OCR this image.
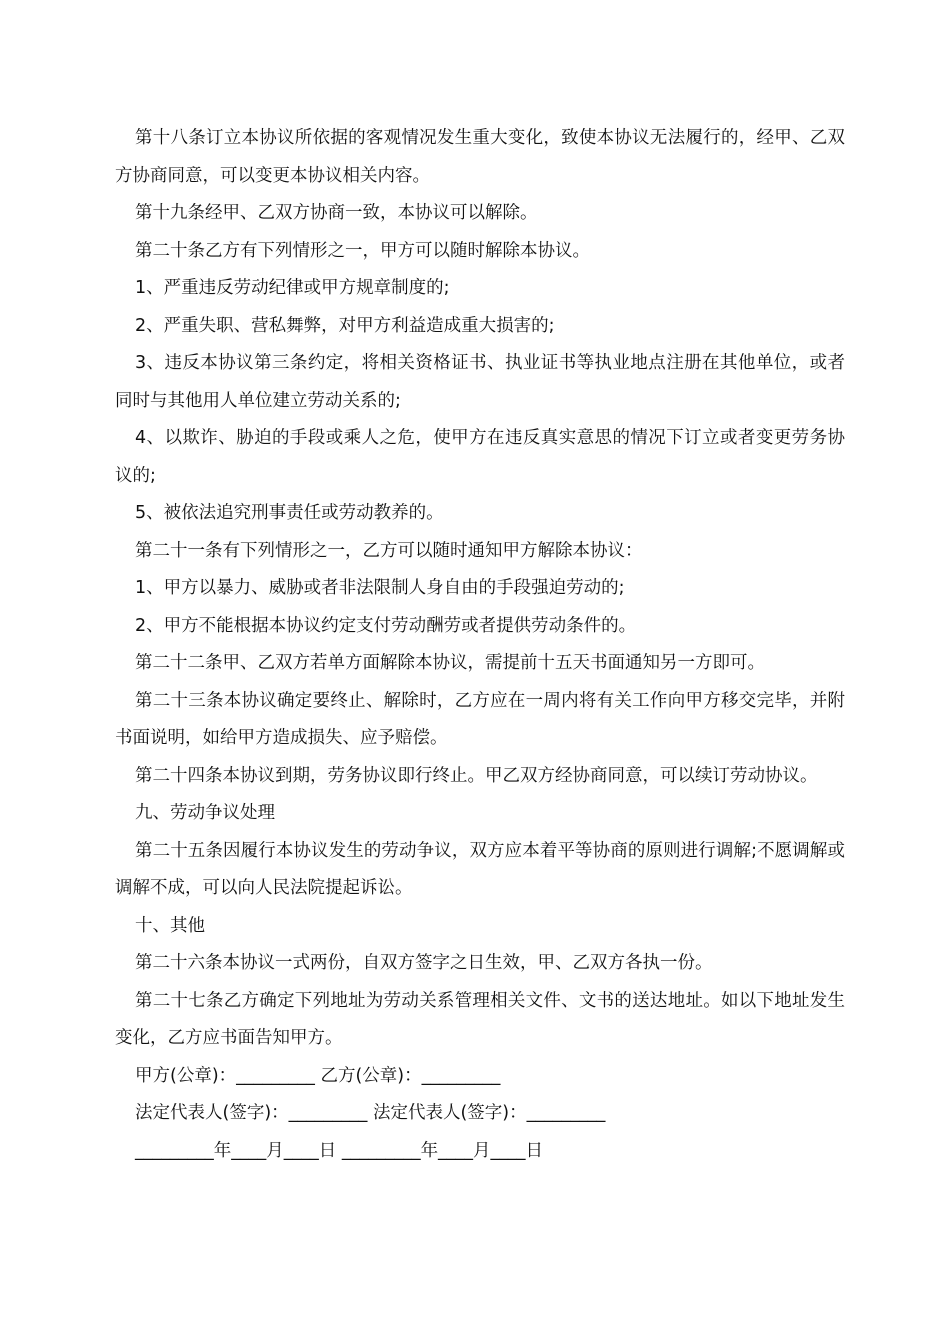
第十八条订立本协议所依据的客观情况发生重大变化，致使本协议无法履行的，经甲、乙双方协商同意，可以变更本协议相关内容。

第十九条经甲、乙双方协商一致，本协议可以解除。

第二十条乙方有下列情形之一，甲方可以随时解除本协议。

1、严重违反劳动纪律或甲方规章制度的;

2、严重失职、营私舞弊，对甲方利益造成重大损害的;

3、违反本协议第三条约定，将相关资格证书、执业证书等执业地点注册在其他单位，或者同时与其他用人单位建立劳动关系的;

4、以欺诈、胁迫的手段或乘人之危，使甲方在违反真实意思的情况下订立或者变更劳务协议的;

5、被依法追究刑事责任或劳动教养的。

第二十一条有下列情形之一，乙方可以随时通知甲方解除本协议：

1、甲方以暴力、威胁或者非法限制人身自由的手段强迫劳动的;

2、甲方不能根据本协议约定支付劳动酬劳或者提供劳动条件的。

第二十二条甲、乙双方若单方面解除本协议，需提前十五天书面通知另一方即可。

第二十三条本协议确定要终止、解除时，乙方应在一周内将有关工作向甲方移交完毕，并附书面说明，如给甲方造成损失、应予赔偿。

第二十四条本协议到期，劳务协议即行终止。甲乙双方经协商同意，可以续订劳动协议。

九、劳动争议处理

第二十五条因履行本协议发生的劳动争议，双方应本着平等协商的原则进行调解;不愿调解或调解不成，可以向人民法院提起诉讼。

十、其他

第二十六条本协议一式两份，自双方签字之日生效，甲、乙双方各执一份。

第二十七条乙方确定下列地址为劳动关系管理相关文件、文书的送达地址。如以下地址发生变化，乙方应书面告知甲方。

甲方(公章)：_________ 乙方(公章)：_________

法定代表人(签字)：_________ 法定代表人(签字)：_________

_________年____月____日 _________年____月____日
